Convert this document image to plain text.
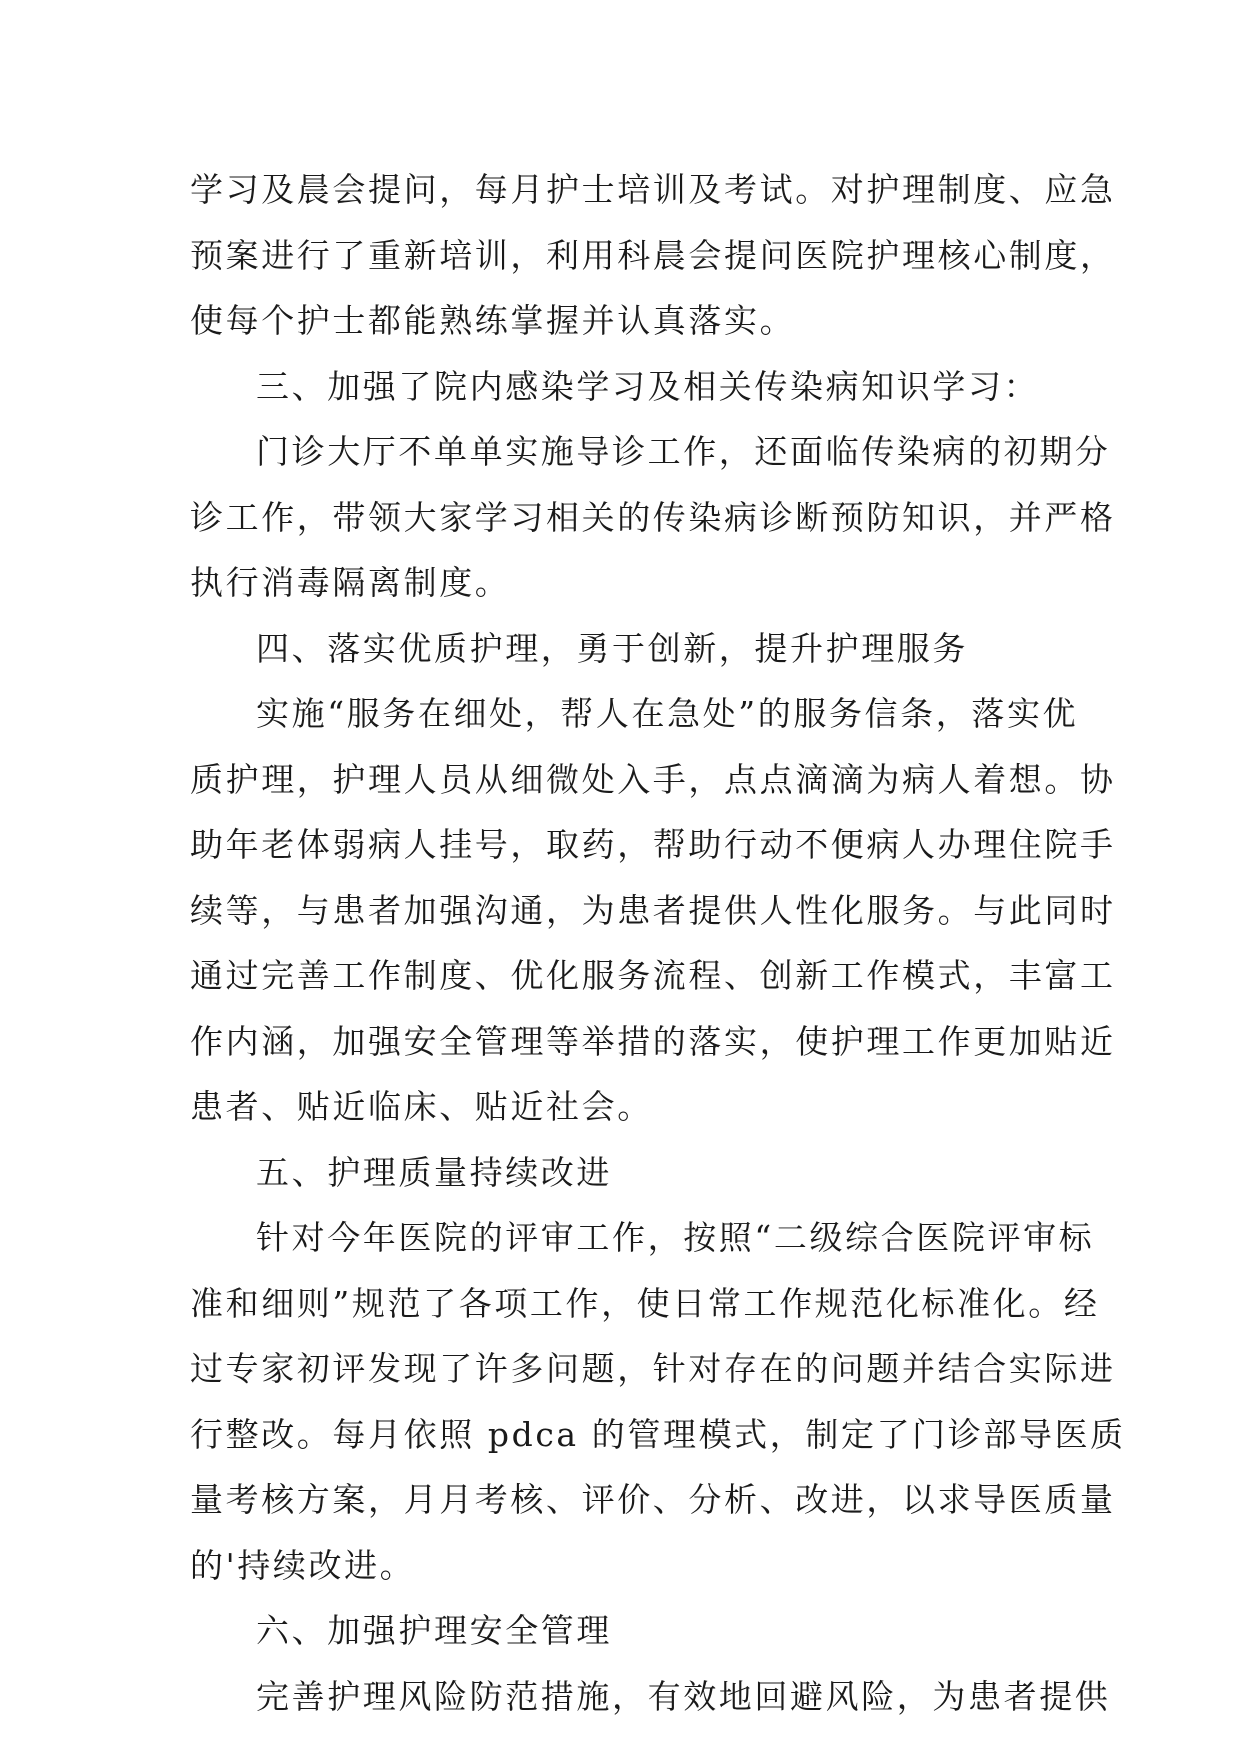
学习及晨会提问，每月护士培训及考试。对护理制度、应急
预案进行了重新培训，利用科晨会提问医院护理核心制度，
使每个护士都能熟练掌握并认真落实。
三、加强了院内感染学习及相关传染病知识学习：
门诊大厅不单单实施导诊工作，还面临传染病的初期分
诊工作，带领大家学习相关的传染病诊断预防知识，并严格
执行消毒隔离制度。
四、落实优质护理，勇于创新，提升护理服务
实施“服务在细处，帮人在急处”的服务信条，落实优
质护理，护理人员从细微处入手，点点滴滴为病人着想。协
助年老体弱病人挂号，取药，帮助行动不便病人办理住院手
续等，与患者加强沟通，为患者提供人性化服务。与此同时
通过完善工作制度、优化服务流程、创新工作模式，丰富工
作内涵，加强安全管理等举措的落实，使护理工作更加贴近
患者、贴近临床、贴近社会。
五、护理质量持续改进
针对今年医院的评审工作，按照“二级综合医院评审标
准和细则”规范了各项工作，使日常工作规范化标准化。经
过专家初评发现了许多问题，针对存在的问题并结合实际进
行整改。每月依照 pdca 的管理模式，制定了门诊部导医质
量考核方案，月月考核、评价、分析、改进，以求导医质量
的'持续改进。
六、加强护理安全管理
完善护理风险防范措施，有效地回避风险，为患者提供
